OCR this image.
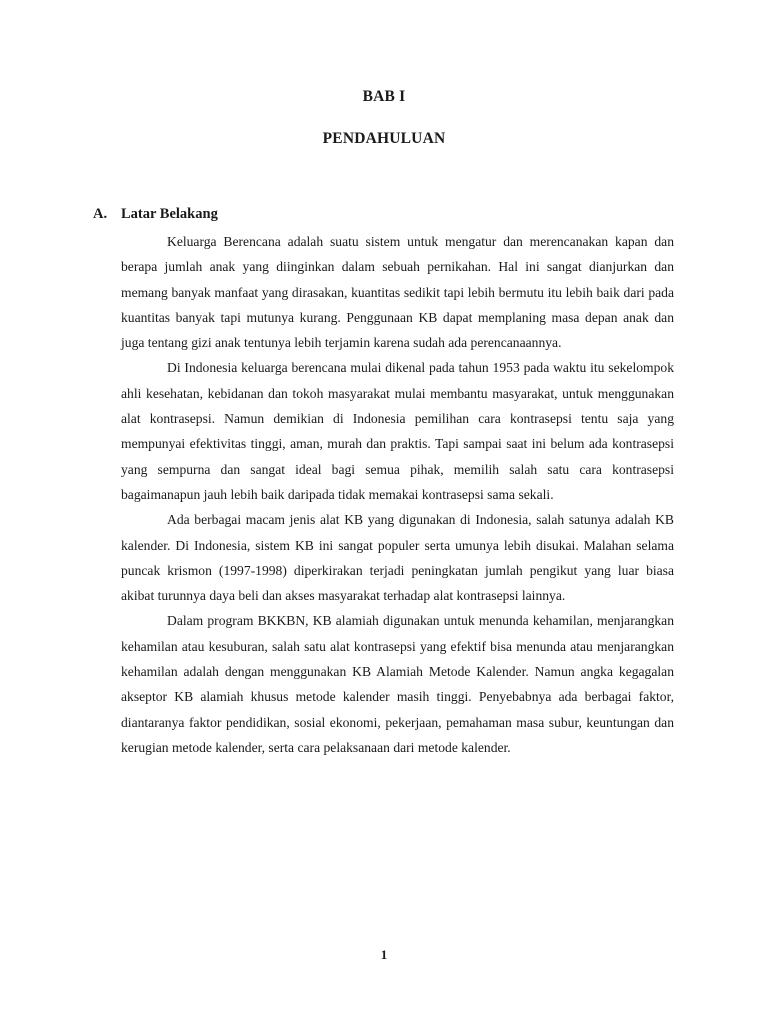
BAB I
PENDAHULUAN
A. Latar Belakang

Keluarga Berencana adalah suatu sistem untuk mengatur dan merencanakan kapan dan berapa jumlah anak yang diinginkan dalam sebuah pernikahan. Hal ini sangat dianjurkan dan memang banyak manfaat yang dirasakan, kuantitas sedikit tapi lebih bermutu itu lebih baik dari pada kuantitas banyak tapi mutunya kurang. Penggunaan KB dapat memplaning masa depan anak dan juga tentang gizi anak tentunya lebih terjamin karena sudah ada perencanaannya.

Di Indonesia keluarga berencana mulai dikenal pada tahun 1953 pada waktu itu sekelompok ahli kesehatan, kebidanan dan tokoh masyarakat mulai membantu masyarakat, untuk menggunakan alat kontrasepsi. Namun demikian di Indonesia pemilihan cara kontrasepsi tentu saja yang mempunyai efektivitas tinggi, aman, murah dan praktis. Tapi sampai saat ini belum ada kontrasepsi yang sempurna dan sangat ideal bagi semua pihak, memilih salah satu cara kontrasepsi bagaimanapun jauh lebih baik daripada tidak memakai kontrasepsi sama sekali.

Ada berbagai macam jenis alat KB yang digunakan di Indonesia, salah satunya adalah KB kalender. Di Indonesia, sistem KB ini sangat populer serta umunya lebih disukai. Malahan selama puncak krismon (1997-1998) diperkirakan terjadi peningkatan jumlah pengikut yang luar biasa akibat turunnya daya beli dan akses masyarakat terhadap alat kontrasepsi lainnya.

Dalam program BKKBN, KB alamiah digunakan untuk menunda kehamilan, menjarangkan kehamilan atau kesuburan, salah satu alat kontrasepsi yang efektif bisa menunda atau menjarangkan kehamilan adalah dengan menggunakan KB Alamiah Metode Kalender. Namun angka kegagalan akseptor KB alamiah khusus metode kalender masih tinggi. Penyebabnya ada berbagai faktor, diantaranya faktor pendidikan, sosial ekonomi, pekerjaan, pemahaman masa subur, keuntungan dan kerugian metode kalender, serta cara pelaksanaan dari metode kalender.

1
